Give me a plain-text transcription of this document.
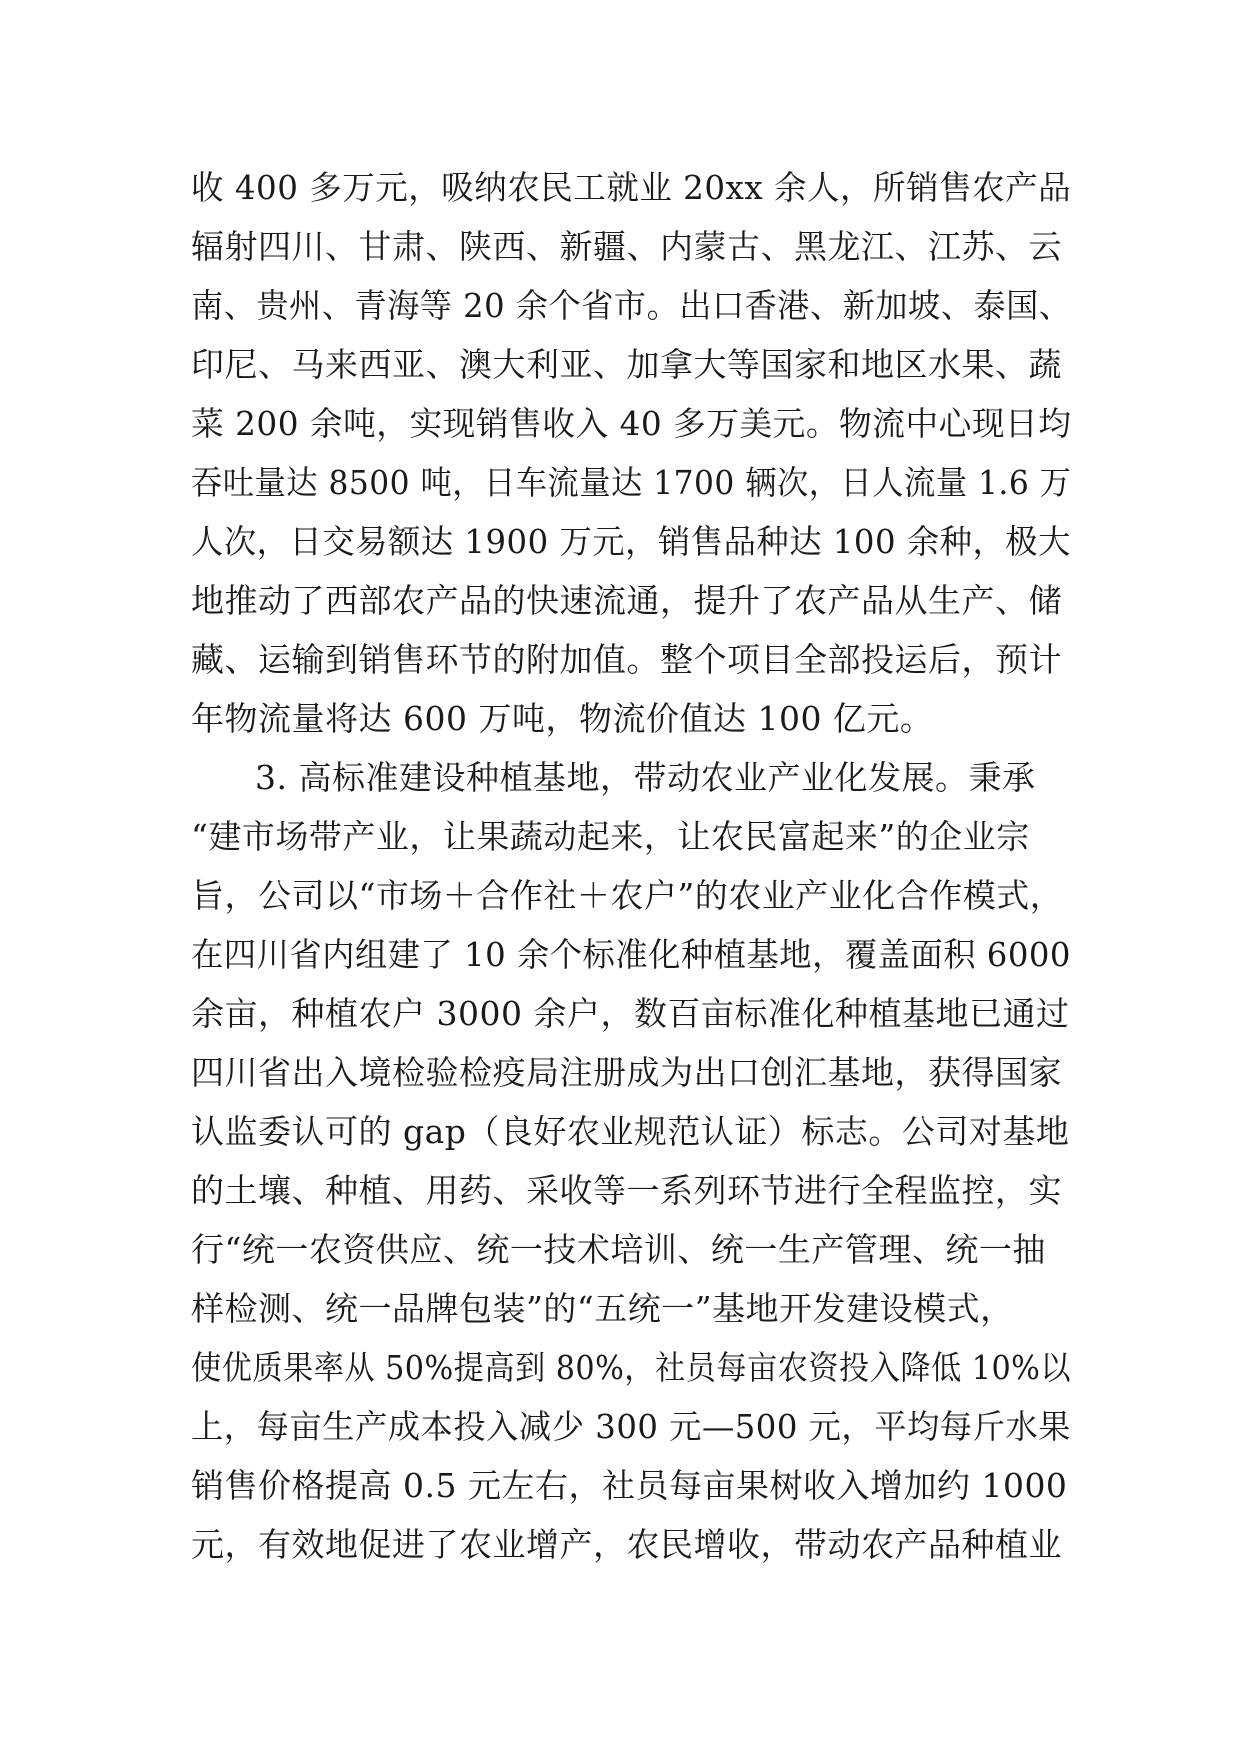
收 400 多万元，吸纳农民工就业 20xx 余人，所销售农产品
辐射四川、甘肃、陕西、新疆、内蒙古、黑龙江、江苏、云
南、贵州、青海等 20 余个省市。出口香港、新加坡、泰国、
印尼、马来西亚、澳大利亚、加拿大等国家和地区水果、蔬
菜 200 余吨，实现销售收入 40 多万美元。物流中心现日均
吞吐量达 8500 吨，日车流量达 1700 辆次，日人流量 1.6 万
人次，日交易额达 1900 万元，销售品种达 100 余种，极大
地推动了西部农产品的快速流通，提升了农产品从生产、储
藏、运输到销售环节的附加值。整个项目全部投运后，预计
年物流量将达 600 万吨，物流价值达 100 亿元。
3. 高标准建设种植基地，带动农业产业化发展。秉承
“建市场带产业，让果蔬动起来，让农民富起来”的企业宗
旨，公司以“市场＋合作社＋农户”的农业产业化合作模式，
在四川省内组建了 10 余个标准化种植基地，覆盖面积 6000
余亩，种植农户 3000 余户，数百亩标准化种植基地已通过
四川省出入境检验检疫局注册成为出口创汇基地，获得国家
认监委认可的 gap（良好农业规范认证）标志。公司对基地
的土壤、种植、用药、采收等一系列环节进行全程监控，实
行“统一农资供应、统一技术培训、统一生产管理、统一抽
样检测、统一品牌包装”的“五统一”基地开发建设模式，
使优质果率从 50%提高到 80%，社员每亩农资投入降低 10%以
上，每亩生产成本投入减少 300 元—500 元，平均每斤水果
销售价格提高 0.5 元左右，社员每亩果树收入增加约 1000
元，有效地促进了农业增产，农民增收，带动农产品种植业
